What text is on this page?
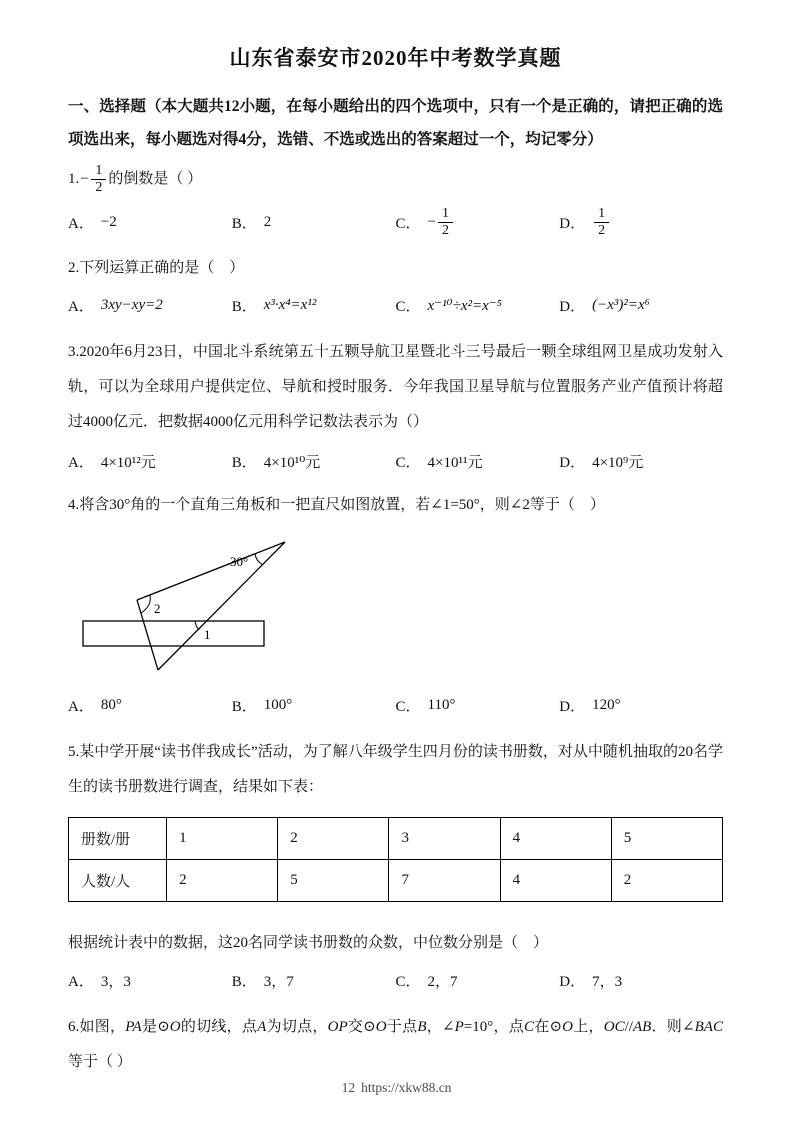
山东省泰安市2020年中考数学真题
一、选择题（本大题共12小题，在每小题给出的四个选项中，只有一个是正确的，请把正确的选项选出来，每小题选对得4分，选错、不选或选出的答案超过一个，均记零分）
$1.- \frac{1}{2}$ 的倒数是（ ）
A． −2	B． 2	C． − $\frac{1}{2}$	D． $\frac{1}{2}$
2.下列运算正确的是（　）
A． 3xy−xy=2	B． x³·x⁴=x¹²	C． x⁻¹⁰÷x²=x⁻⁵	D． (−x³)²=x⁶
3.2020年6月23日，中国北斗系统第五十五颗导航卫星暨北斗三号最后一颗全球组网卫星成功发射入轨，可以为全球用户提供定位、导航和授时服务．今年我国卫星导航与位置服务产业产值预计将超过4000亿元．把数据4000亿元用科学记数法表示为（）
A． 4×10¹²元	B． 4×10¹⁰元	C． 4×10¹¹元	D． 4×10⁹元
4.将含30°角的一个直角三角板和一把直尺如图放置，若∠1=50°，则∠2等于（　）
30°
2
1
A． 80°	B． 100°	C． 110°	D． 120°
5.某中学开展“读书伴我成长”活动，为了解八年级学生四月份的读书册数，对从中随机抽取的20名学生的读书册数进行调查，结果如下表：
册数/册	1	2	3	4	5
人数/人	2	5	7	4	2
根据统计表中的数据，这20名同学读书册数的众数，中位数分别是（　）
A． 3，3	B． 3，7	C． 2，7	D． 7，3
6.如图，PA是⊙O的切线，点A为切点，OP交⊙O于点B，∠P=10°，点C在⊙O上，OC//AB．则∠BAC等于（ ）
12 https://xkw88.cn
